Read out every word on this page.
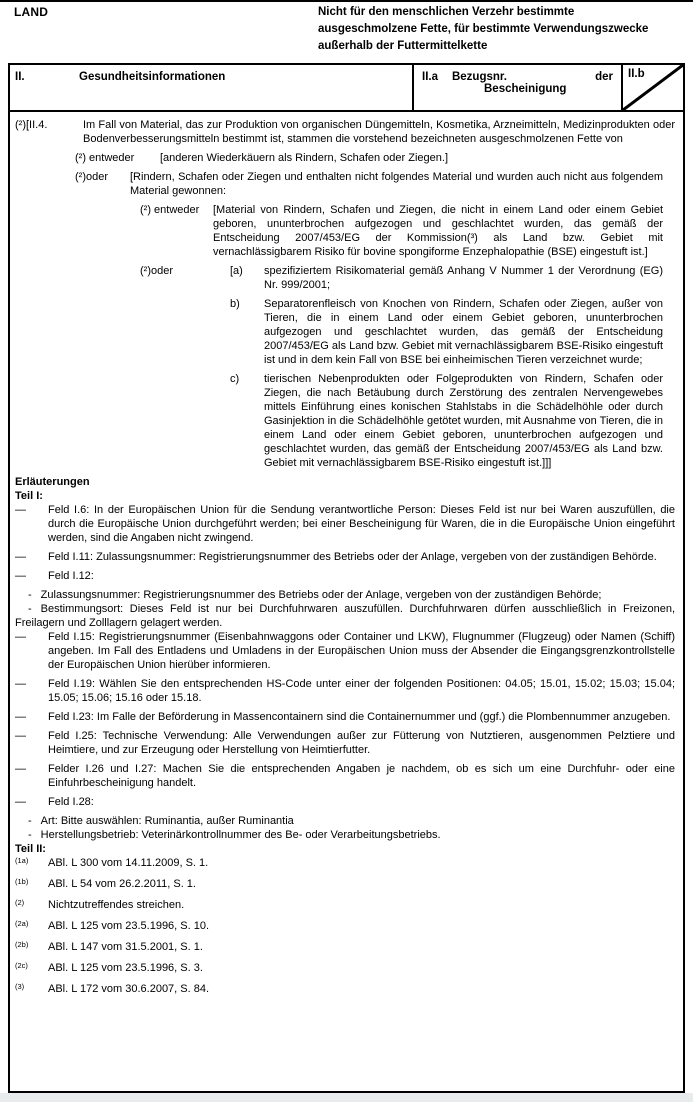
LAND	Nicht für den menschlichen Verzehr bestimmte
ausgeschmolzene Fette, für bestimmte Verwendungszwecke
außerhalb der Futtermittelkette
II.	Gesundheitsinformationen	II.a Bezugsnr.	der
Bescheinigung
II.b
(²)[II.4.	Im Fall von Material, das zur Produktion von organischen Düngemitteln, Kosmetika, Arzneimitteln, Medizinprodukten oder Bodenverbesserungsmitteln bestimmt ist, stammen die vorstehend bezeichneten ausgeschmolzenen Fette von

(²) entweder	[anderen Wiederkäuern als Rindern, Schafen oder Ziegen.]

(²)oder	[Rindern, Schafen oder Ziegen und enthalten nicht folgendes Material und wurden auch nicht aus folgendem Material gewonnen:

(²) entweder	[Material von Rindern, Schafen und Ziegen, die nicht in einem Land oder einem Gebiet geboren, ununterbrochen aufgezogen und geschlachtet wurden, das gemäß der Entscheidung 2007/453/EG der Kommission(³) als Land bzw. Gebiet mit vernachlässigbarem Risiko für bovine spongiforme Enzephalopathie (BSE) eingestuft ist.]

(²)oder	[a)	spezifiziertem Risikomaterial gemäß Anhang V Nummer 1 der Verordnung (EG) Nr. 999/2001;

b)	Separatorenfleisch von Knochen von Rindern, Schafen oder Ziegen, außer von Tieren, die in einem Land oder einem Gebiet geboren, ununterbrochen aufgezogen und geschlachtet wurden, das gemäß der Entscheidung 2007/453/EG als Land bzw. Gebiet mit vernachlässigbarem BSE-Risiko eingestuft ist und in dem kein Fall von BSE bei einheimischen Tieren verzeichnet wurde;

c)	tierischen Nebenprodukten oder Folgeprodukten von Rindern, Schafen oder Ziegen, die nach Betäubung durch Zerstörung des zentralen Nervengewebes mittels Einführung eines konischen Stahlstabs in die Schädelhöhle oder durch Gasinjektion in die Schädelhöhle getötet wurden, mit Ausnahme von Tieren, die in einem Land oder einem Gebiet geboren, ununterbrochen aufgezogen und geschlachtet wurden, das gemäß der Entscheidung 2007/453/EG als Land bzw. Gebiet mit vernachlässigbarem BSE-Risiko eingestuft ist.]]]

Erläuterungen

Teil I:

—	Feld I.6: In der Europäischen Union für die Sendung verantwortliche Person: Dieses Feld ist nur bei Waren auszufüllen, die durch die Europäische Union durchgeführt werden; bei einer Bescheinigung für Waren, die in die Europäische Union eingeführt werden, sind die Angaben nicht zwingend.

—	Feld I.11: Zulassungsnummer: Registrierungsnummer des Betriebs oder der Anlage, vergeben von der zuständigen Behörde.

—	Feld I.12:

- Zulassungsnummer: Registrierungsnummer des Betriebs oder der Anlage, vergeben von der zuständigen Behörde;

- Bestimmungsort: Dieses Feld ist nur bei Durchfuhrwaren auszufüllen. Durchfuhrwaren dürfen ausschließlich in Freizonen, Freilagern und Zolllagern gelagert werden.

—	Feld I.15: Registrierungsnummer (Eisenbahnwaggons oder Container und LKW), Flugnummer (Flugzeug) oder Namen (Schiff) angeben. Im Fall des Entladens und Umladens in der Europäischen Union muss der Absender die Eingangsgrenzkontrollstelle der Europäischen Union hierüber informieren.

—	Feld I.19: Wählen Sie den entsprechenden HS-Code unter einer der folgenden Positionen: 04.05; 15.01, 15.02; 15.03; 15.04; 15.05; 15.06; 15.16 oder 15.18.

—	Feld I.23: Im Falle der Beförderung in Massencontainern sind die Containernummer und (ggf.) die Plombennummer anzugeben.

—	Feld I.25: Technische Verwendung: Alle Verwendungen außer zur Fütterung von Nutztieren, ausgenommen Pelztiere und Heimtiere, und zur Erzeugung oder Herstellung von Heimtierfutter.

—	Felder I.26 und I.27: Machen Sie die entsprechenden Angaben je nachdem, ob es sich um eine Durchfuhr- oder eine Einfuhrbescheinigung handelt.

—	Feld I.28:

- Art: Bitte auswählen: Ruminantia, außer Ruminantia

- Herstellungsbetrieb: Veterinärkontrollnummer des Be- oder Verarbeitungsbetriebs.

Teil II:

(1a)	ABl. L 300 vom 14.11.2009, S. 1.
(1b)	ABl. L 54 vom 26.2.2011, S. 1.
(2)	Nichtzutreffendes streichen.
(2a)	ABl. L 125 vom 23.5.1996, S. 10.
(2b)	ABl. L 147 vom 31.5.2001, S. 1.
(2c)	ABl. L 125 vom 23.5.1996, S. 3.
(3)	ABl. L 172 vom 30.6.2007, S. 84.
